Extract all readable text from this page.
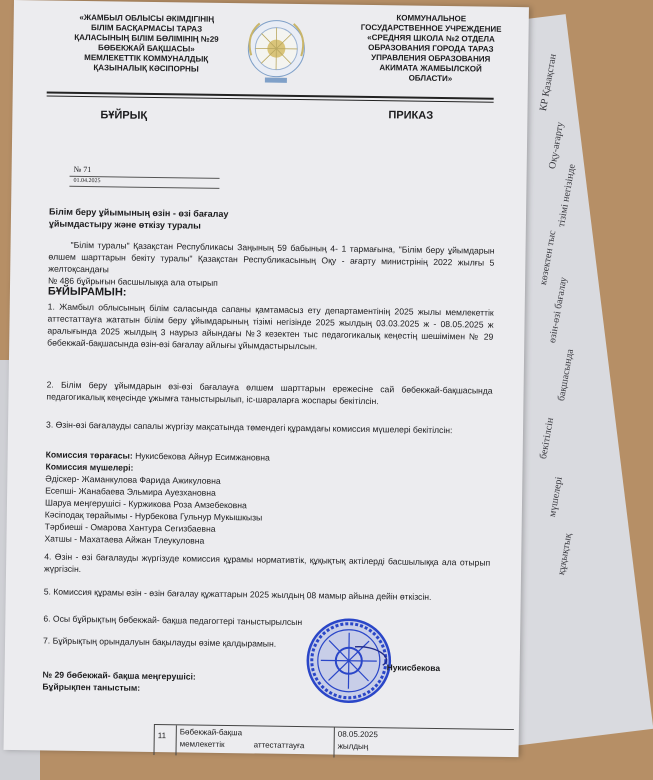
КР Қазақстан
Оқу-ағарту
тізімі негізінде
көзектен тыс
өзін-өзі бағалау
бақшасында
бекітілсін
мүшелері
құқықтық
«ЖАМБЫЛ ОБЛЫСЫ ӘКІМДІГІНІҢ
БІЛІМ БАСҚАРМАСЫ ТАРАЗ
ҚАЛАСЫНЫҢ БІЛІМ БӨЛІМІНІҢ №29
БӨБЕКЖАЙ БАҚШАСЫ»
МЕМЛЕКЕТТІК КОММУНАЛДЫҚ
ҚАЗЫНАЛЫҚ КӘСІПОРНЫ
КОММУНАЛЬНОЕ
ГОСУДАРСТВЕННОЕ УЧРЕЖДЕНИЕ
«СРЕДНЯЯ ШКОЛА №2 ОТДЕЛА
ОБРАЗОВАНИЯ ГОРОДА ТАРАЗ
УПРАВЛЕНИЯ ОБРАЗОВАНИЯ
АКИМАТА ЖАМБЫЛСКОЙ
ОБЛАСТИ»
БҰЙРЫҚ	ПРИКАЗ
№ 71
01.04.2025

Білім беру ұйымының өзін - өзі бағалау

ұйымдастыру және өткізу туралы

"Білім туралы" Қазақстан Республикасы Заңының 59 бабының 4- 1 тармағына, "Білім беру ұйымдарын өлшем шарттарын бекіту туралы" Қазақстан Республикасының Оқу - ағарту министрінің 2022 жылғы 5 желтоқсандағы
№ 486 бұйрығын басшылыққа ала отырып
БҰЙЫРАМЫН:
1. Жамбыл облысының білім саласында сапаны қамтамасыз ету департаментінің 2025 жылы мемлекеттік аттестаттауға жататын білім беру ұйымдарының тізімі негізінде 2025 жылдың 03.03.2025 ж - 08.05.2025 ж аралығында 2025 жылдың 3 наурыз айындағы №3 кезектен тыс педагогикалық кеңестің шешімімен № 29 бөбекжай-бақшасында өзін-өзі бағалау айлығы ұйымдастырылсын.
2. Білім беру ұйымдарын өзі-өзі бағалауға өлшем шарттарын ережесіне сай бөбекжай-бақшасында педагогикалық кеңесінде ұжымға таныстырылып, іс-шараларға жоспары бекітілсін.
3. Өзін-өзі бағалауды сапалы жүргізу мақсатында төмендегі құрамдағы комиссия мүшелері бекітілсін:

Комиссия төрағасы: Нукисбекова Айнур Есимжановна

Комиссия мүшелері:

Әдіскер- Жаманкулова Фарида Ажикуловна

Есепші- Жанабаева Эльмира Ауезхановна

Шаруа меңгерушісі - Куржикова Роза Амзебековна

Кәсіподақ төрайымы - Нурбекова Гульнур Мукышкызы

Тәрбиеші - Омарова Хантура Сегизбаевна

Хатшы - Махатаева Айжан Тлеукуловна

4. Өзін - өзі бағалауды жүргізуде комиссия құрамы нормативтік, құқықтық актілерді басшылыққа ала отырып жүргізсін.
5. Комиссия құрамы өзін - өзін бағалау құжаттарын 2025 жылдың 08 мамыр айына дейін өткізсін.
6. Осы бұйрықтың бөбекжай- бақша педагогтері таныстырылсын
7. Бұйрықтың орындалуын бақылауды өзіме қалдырамын.
№ 29 бөбекжай- бақша меңгерушісі:
Бұйрықпен таныстым:
Нукисбекова
11 Бөбекжай-бақша
мемлекеттік	аттестаттауға
08.05.2025
жылдың
